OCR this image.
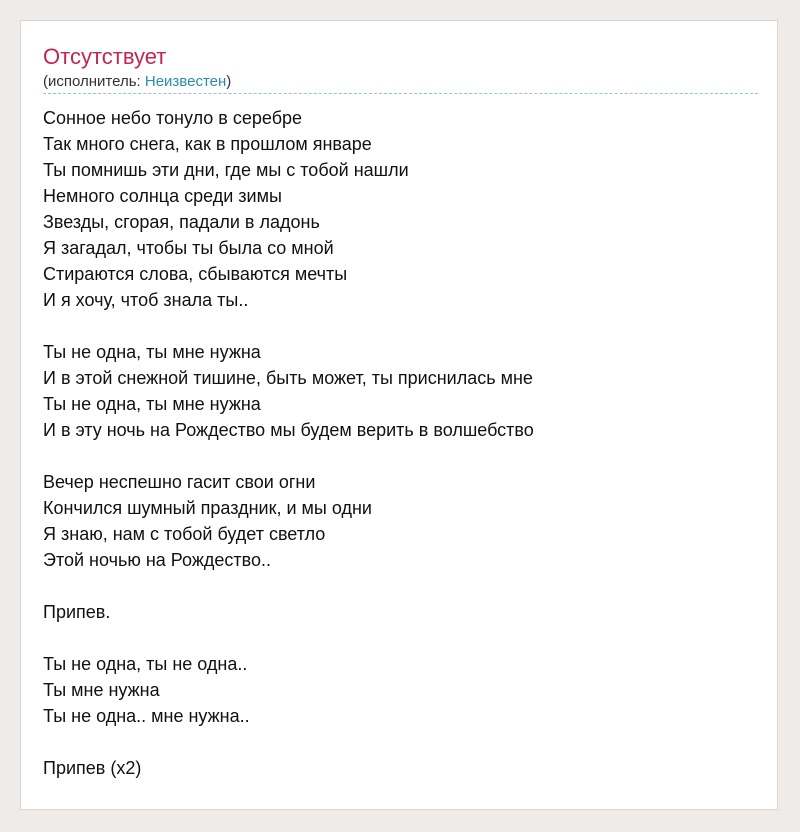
Отсутствует
(исполнитель: Неизвестен)
Сонное небо тонуло в серебре
Так много снега, как в прошлом январе
Ты помнишь эти дни, где мы с тобой нашли
Немного солнца среди зимы
Звезды, сгорая, падали в ладонь
Я загадал, чтобы ты была со мной
Стираются слова, сбываются мечты
И я хочу, чтоб знала ты..
Ты не одна, ты мне нужна
И в этой снежной тишине, быть может, ты приснилась мне
Ты не одна, ты мне нужна
И в эту ночь на Рождество мы будем верить в волшебство
Вечер неспешно гасит свои огни
Кончился шумный праздник, и мы одни
Я знаю, нам с тобой будет светло
Этой ночью на Рождество..
Припев.
Ты не одна, ты не одна..
Ты мне нужна
Ты не одна.. мне нужна..
Припев (x2)
